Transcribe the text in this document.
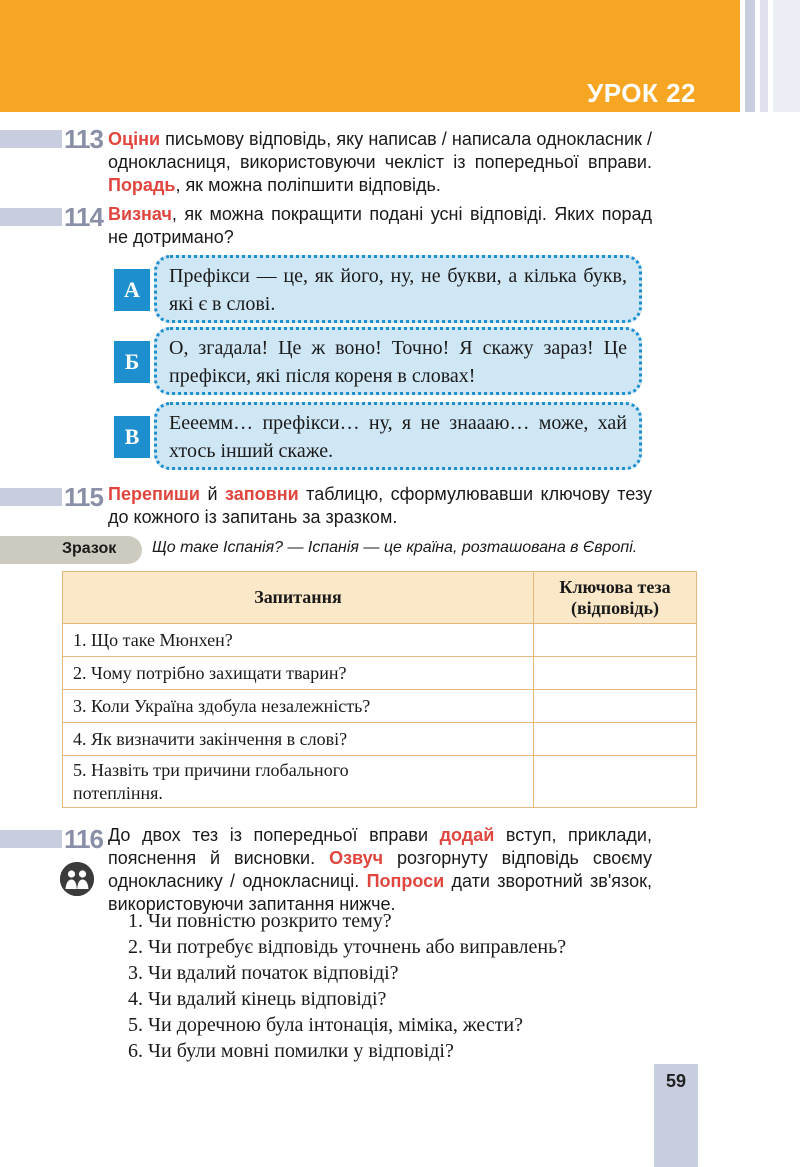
УРОК 22
113 Оціни письмову відповідь, яку написав / написала однокласник / однокласниця, використовуючи чекліст із попередньої вправи. Порадь, як можна поліпшити відповідь.
114 Визнач, як можна покращити подані усні відповіді. Яких порад не дотримано?
А
Префікси — це, як його, ну, не букви, а кілька букв, які є в слові.
Б
О, згадала! Це ж воно! Точно! Я скажу зараз! Це префікси, які після кореня в словах!
В
Еееемм… префікси… ну, я не знаааю… може, хай хтось інший скаже.
115 Перепиши й заповни таблицю, сформулювавши ключову тезу до кожного із запитань за зразком.
Зразок	Що таке Іспанія? — Іспанія — це країна, розташована в Європі.
Запитання	Ключова теза
(відповідь)
1. Що таке Мюнхен?	
2. Чому потрібно захищати тварин?	
3. Коли Україна здобула незалежність?	
4. Як визначити закінчення в слові?	
5. Назвіть три причини глобального потепління.	
116 До двох тез із попередньої вправи додай вступ, приклади, пояснення й висновки. Озвуч розгорнуту відповідь своєму однокласнику / однокласниці. Попроси дати зворотний зв'язок, використовуючи запитання нижче.
1. Чи повністю розкрито тему?
2. Чи потребує відповідь уточнень або виправлень?
3. Чи вдалий початок відповіді?
4. Чи вдалий кінець відповіді?
5. Чи доречною була інтонація, міміка, жести?
6. Чи були мовні помилки у відповіді?
59
